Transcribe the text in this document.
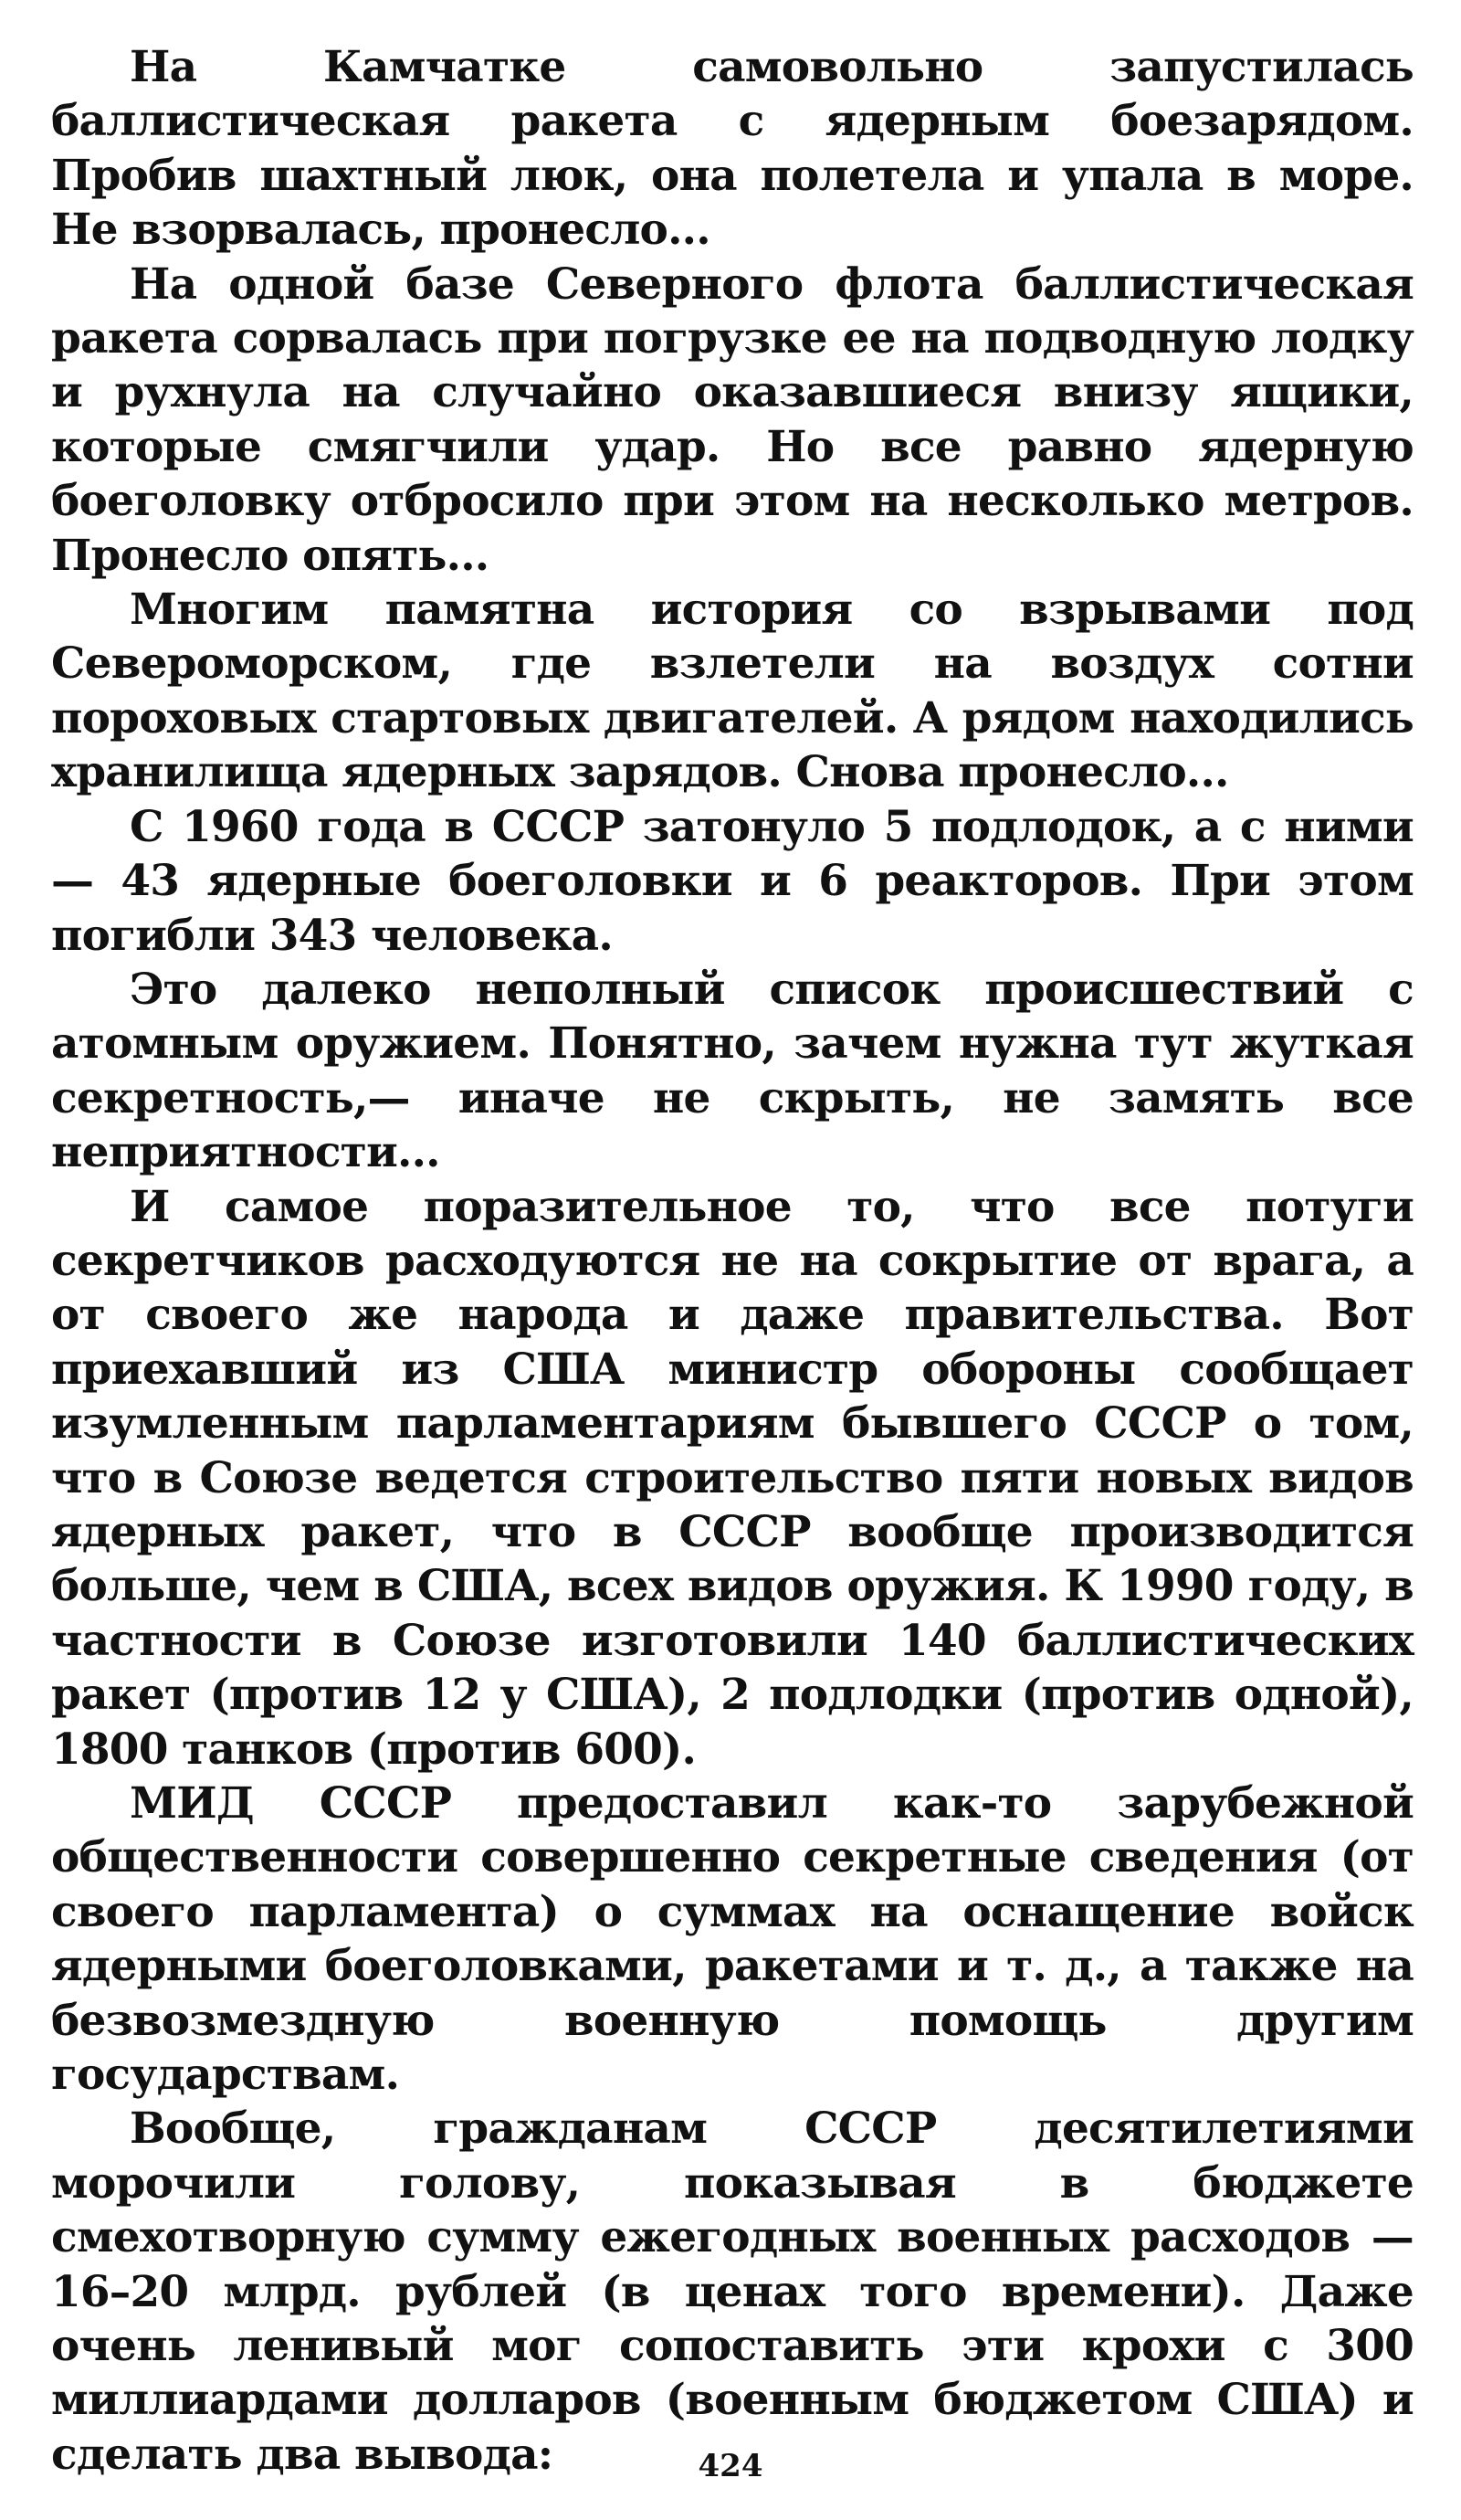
На Камчатке самовольно запустилась баллистическая ракета с ядерным боезарядом. Пробив шахтный люк, она полетела и упала в море. Не взорвалась, пронесло...

На одной базе Северного флота баллистическая ракета сорвалась при погрузке ее на подводную лодку и рухнула на случайно оказавшиеся внизу ящики, которые смягчили удар. Но все равно ядерную боеголовку отбросило при этом на несколько метров. Пронесло опять...

Многим памятна история со взрывами под Североморском, где взлетели на воздух сотни пороховых стартовых двигателей. А рядом находились хранилища ядерных зарядов. Снова пронесло...

С 1960 года в СССР затонуло 5 подлодок, а с ними — 43 ядерные боеголовки и 6 реакторов. При этом погибли 343 человека.

Это далеко неполный список происшествий с атомным оружием. Понятно, зачем нужна тут жуткая секретность,— иначе не скрыть, не замять все неприятности...

И самое поразительное то, что все потуги секретчиков расходуются не на сокрытие от врага, а от своего же народа и даже правительства. Вот приехавший из США министр обороны сообщает изумленным парламентариям бывшего СССР о том, что в Союзе ведется строительство пяти новых видов ядерных ракет, что в СССР вообще производится больше, чем в США, всех видов оружия. К 1990 году, в частности в Союзе изготовили 140 баллистических ракет (против 12 у США), 2 подлодки (против одной), 1800 танков (против 600).

МИД СССР предоставил как-то зарубежной общественности совершенно секретные сведения (от своего парламента) о суммах на оснащение войск ядерными боеголовками, ракетами и т. д., а также на безвозмездную военную помощь другим государствам.

Вообще, гражданам СССР десятилетиями морочили голову, показывая в бюджете смехотворную сумму ежегодных военных расходов — 16–20 млрд. рублей (в ценах того времени). Даже очень ленивый мог сопоставить эти крохи с 300 миллиардами долларов (военным бюджетом США) и сделать два вывода:	424
